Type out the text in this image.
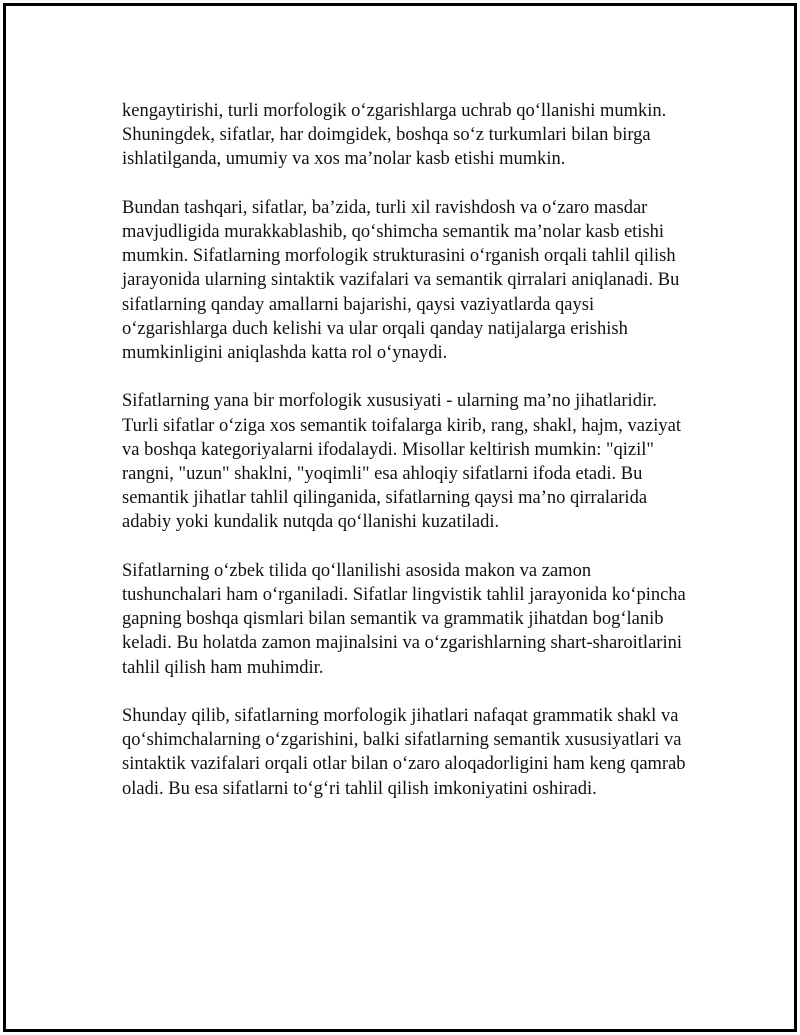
kengaytirishi, turli morfologik o‘zgarishlarga uchrab qo‘llanishi mumkin.
Shuningdek, sifatlar, har doimgidek, boshqa so‘z turkumlari bilan birga
ishlatilganda, umumiy va xos ma’nolar kasb etishi mumkin.

Bundan tashqari, sifatlar, ba’zida, turli xil ravishdosh va o‘zaro masdar
mavjudligida murakkablashib, qo‘shimcha semantik ma’nolar kasb etishi
mumkin. Sifatlarning morfologik strukturasini o‘rganish orqali tahlil qilish
jarayonida ularning sintaktik vazifalari va semantik qirralari aniqlanadi. Bu
sifatlarning qanday amallarni bajarishi, qaysi vaziyatlarda qaysi
o‘zgarishlarga duch kelishi va ular orqali qanday natijalarga erishish
mumkinligini aniqlashda katta rol o‘ynaydi.

Sifatlarning yana bir morfologik xususiyati - ularning ma’no jihatlaridir.
Turli sifatlar o‘ziga xos semantik toifalarga kirib, rang, shakl, hajm, vaziyat
va boshqa kategoriyalarni ifodalaydi. Misollar keltirish mumkin: "qizil"
rangni, "uzun" shaklni, "yoqimli" esa ahloqiy sifatlarni ifoda etadi. Bu
semantik jihatlar tahlil qilinganida, sifatlarning qaysi ma’no qirralarida
adabiy yoki kundalik nutqda qo‘llanishi kuzatiladi.

Sifatlarning o‘zbek tilida qo‘llanilishi asosida makon va zamon
tushunchalari ham o‘rganiladi. Sifatlar lingvistik tahlil jarayonida ko‘pincha
gapning boshqa qismlari bilan semantik va grammatik jihatdan bog‘lanib
keladi. Bu holatda zamon majinalsini va o‘zgarishlarning shart-sharoitlarini
tahlil qilish ham muhimdir.

Shunday qilib, sifatlarning morfologik jihatlari nafaqat grammatik shakl va
qo‘shimchalarning o‘zgarishini, balki sifatlarning semantik xususiyatlari va
sintaktik vazifalari orqali otlar bilan o‘zaro aloqadorligini ham keng qamrab
oladi. Bu esa sifatlarni to‘g‘ri tahlil qilish imkoniyatini oshiradi.
